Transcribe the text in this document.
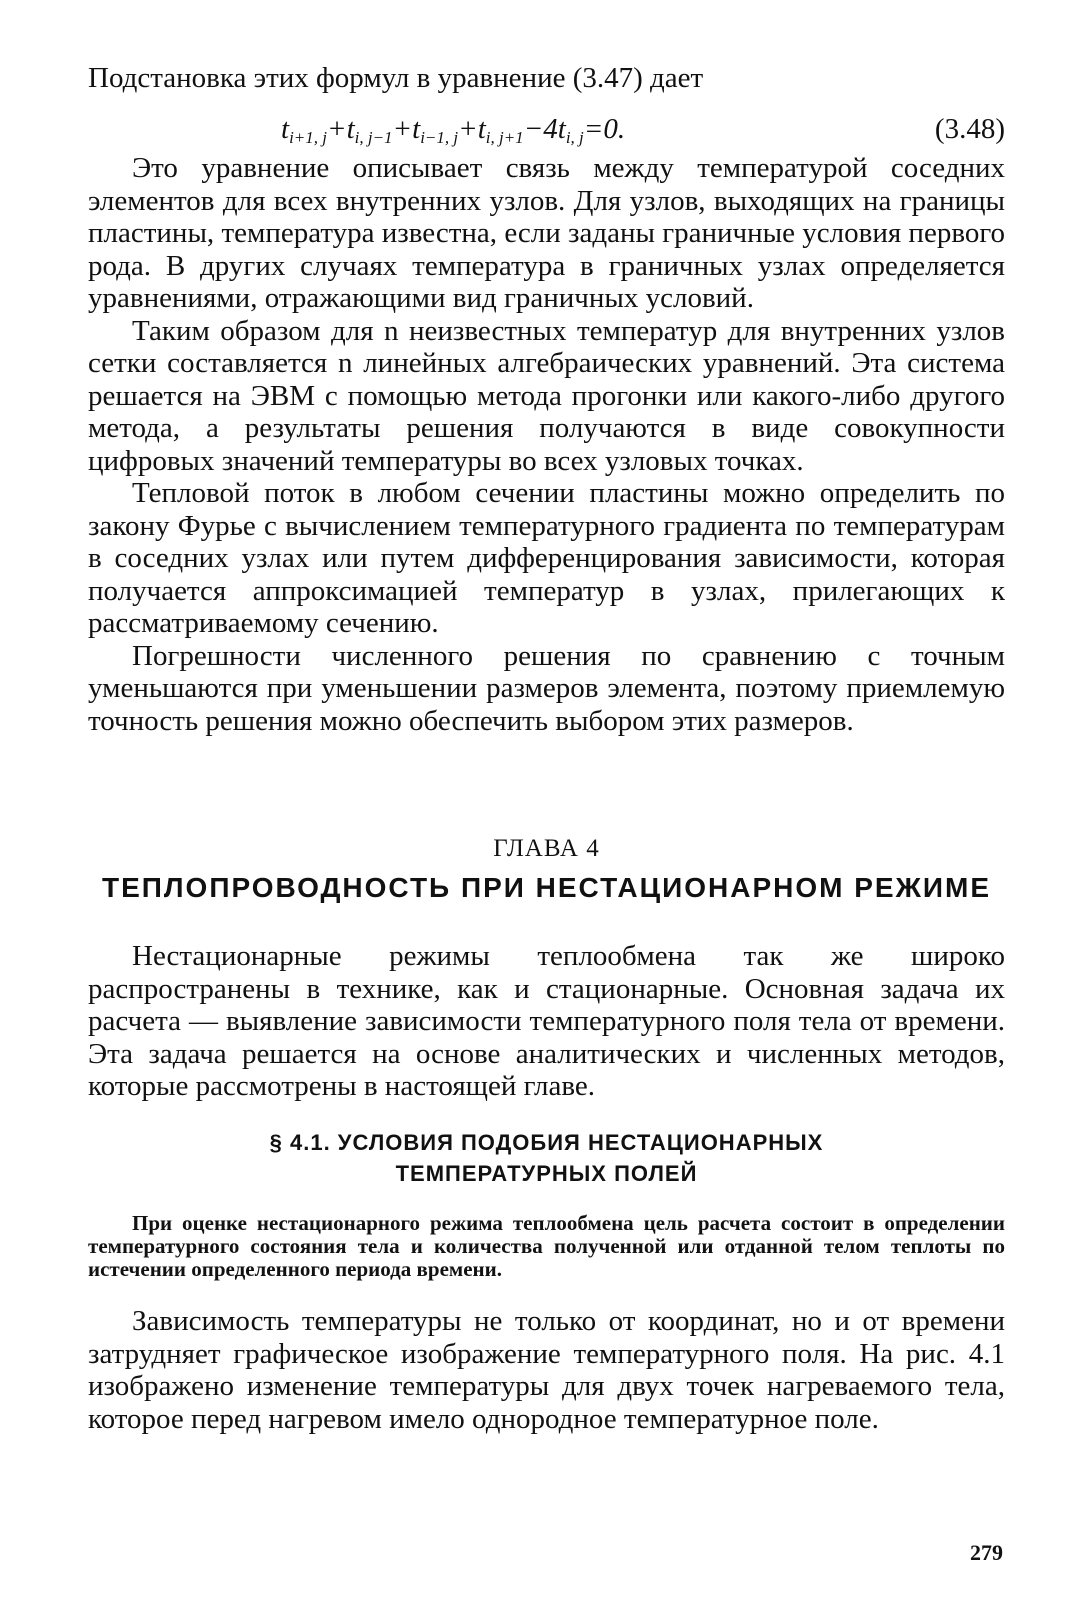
Подстановка этих формул в уравнение (3.47) дает

$t_{i+1, j}+t_{i, j-1}+t_{i-1, j}+t_{i, j+1}-4t_{i, j}=0$.	(3.48)

Это уравнение описывает связь между температурой соседних элементов для всех внутренних узлов. Для узлов, выходящих на границы пластины, температура известна, если заданы граничные условия первого рода. В других случаях температура в граничных узлах определяется уравнениями, отражающими вид граничных условий.

Таким образом для n неизвестных температур для внутренних узлов сетки составляется n линейных алгебраических уравнений. Эта система решается на ЭВМ с помощью метода прогонки или какого-либо другого метода, а результаты решения получаются в виде совокупности цифровых значений температуры во всех узловых точках.

Тепловой поток в любом сечении пластины можно определить по закону Фурье с вычислением температурного градиента по температурам в соседних узлах или путем дифференцирования зависимости, которая получается аппроксимацией температур в узлах, прилегающих к рассматриваемому сечению.

Погрешности численного решения по сравнению с точным уменьшаются при уменьшении размеров элемента, поэтому приемлемую точность решения можно обеспечить выбором этих размеров.

ГЛАВА 4
ТЕПЛОПРОВОДНОСТЬ ПРИ НЕСТАЦИОНАРНОМ РЕЖИМЕ

Нестационарные режимы теплообмена так же широко распространены в технике, как и стационарные. Основная задача их расчета — выявление зависимости температурного поля тела от времени. Эта задача решается на основе аналитических и численных методов, которые рассмотрены в настоящей главе.

§ 4.1. УСЛОВИЯ ПОДОБИЯ НЕСТАЦИОНАРНЫХ
ТЕМПЕРАТУРНЫХ ПОЛЕЙ
При оценке нестационарного режима теплообмена цель расчета состоит в определении температурного состояния тела и количества полученной или отданной телом теплоты по истечении определенного периода времени.

Зависимость температуры не только от координат, но и от времени затрудняет графическое изображение температурного поля. На рис. 4.1 изображено изменение температуры для двух точек нагреваемого тела, которое перед нагревом имело однородное температурное поле.

279
